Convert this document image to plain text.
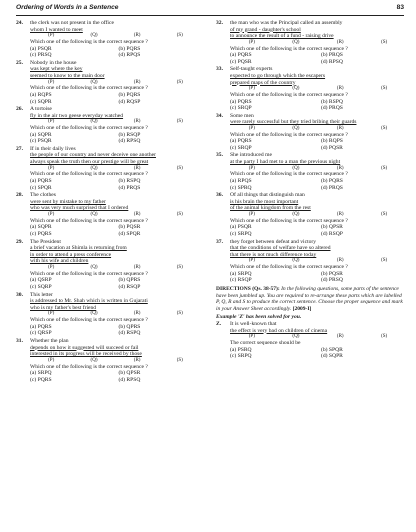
Ordering of Words in a Sentence	83
24. the clerk was not present in the office
whom I wanted to meet
(P)	(Q)	(R)	(S)
Which one of the following is the correct sequence ?
(a) PSQR	(b) PQRS
(c) PRSQ	(d) RPQS
25. Nobody in the house
was kept where the key
seemed to know to the main door
(P)	(Q)	(R)	(S)
Which one of the following is the correct sequence ?
(a) RQPS	(b) PQRS
(c) SQPR	(d) RQSP
26. A tortoise
fly in the air two geese everyday watched
(P)	(Q)	(R)	(S)
Which one of the following is the correct sequence ?
(a) SQPR	(b) RSQP
(c) PSQR	(d) RPSQ
27. If in their daily lives
the people of our country and never deceive one another
always speak the truth then our prestige will be great
(P)	(Q)	(R)	(S)
Which one of the following is the correct sequence ?
(a) PQRS	(b) RSPQ
(c) SPQR	(d) PRQS
28. The clothes
were sent by mistake to my father
who was very much surprised that I ordered
(P)	(Q)	(R)	(S)
Which one of the following is the correct sequence ?
(a) SQPR	(b) PQSR
(c) PQRS	(d) SPQR
29. The President
a brief vacation at Shimla is returning from
in order to attend a press conference
with his wife and children
(P)	(Q)	(R)	(S)
Which one of the following is the correct sequence ?
(a) QSRP	(b) QPRS
(c) SQRP	(d) RSQP
30. This letter
is addressed to Mr. Shah which is written in Gujarati
who is my father's best friend
(P)	(Q)	(R)	(S)
Which one of the following is the correct sequence ?
(a) PQRS	(b) QPRS
(c) QRSP	(d) RSPQ
31. Whether the plan
depends on how it suggested will succeed or fail
interested in its progress will be received by those
(P)	(Q)	(R)	(S)
Which one of the following is the correct sequence ?
(a) SRPQ	(b) QPSR
(c) PQRS	(d) RPSQ
32. the man who was the Principal called an assembly
of my grand - daughter's school
to announce the result of a fund - raising drive
(P)	(Q)	(R)	(S)
Which one of the following is the correct sequence ?
(a) PQRS	(b) PRQS
(c) PQSR	(d) RPSQ
33. Self-taught experts
expected to go through which the escapers
prepared maps of the country
(P)	(Q)	(R)	(S)
Which one of the following is the correct sequence ?
(a) PQRS	(b) RSPQ
(c) SRQP	(d) PRQS
34. Some men
were rarely successful but they tried bribing their guards
(P)	(Q)	(R)	(S)
Which one of the following is the correct sequence ?
(a) PQRS	(b) RQPS
(c) SRQP	(d) PQSR
35. She introduced me
at the party I had met to a man the previous night
(P)	(Q)	(R)	(S)
Which one of the following is the correct sequence ?
(a) RPQS	(b) PQRS
(c) SPRQ	(d) PRQS
36. Of all things that distinguish man
is his brain the most important
of the animal kingdom from the rest
(P)	(Q)	(R)	(S)
Which one of the following is the correct sequence ?
(a) PSQR	(b) QPSR
(c) SRPQ	(d) RSQP
37. they forget between defeat and victory
that the conditions of welfare have so altered
that there is not much difference today
(P)	(Q)	(R)	(S)
Which one of the following is the correct sequence ?
(a) SRPQ	(b) PQSR
(c) RSQP	(d) PRSQ
DIRECTIONS (Qs. 38-57): In the following questions, some parts of the sentence have been jumbled up. You are required to re-arrange these parts which are labelled P, Q, R and S to produce the correct sentence. Choose the proper sequence and mark in your Answer Sheet accordingly. [2009-I]
Example 'Z' has been solved for you.
Z. It is well-known that
the effect is very bad on children of cinema
(P)	(Q)	(R)	(S)
The correct sequence should be
(a) PSRQ	(b) SPQR
(c) SRPQ	(d) SQPR
